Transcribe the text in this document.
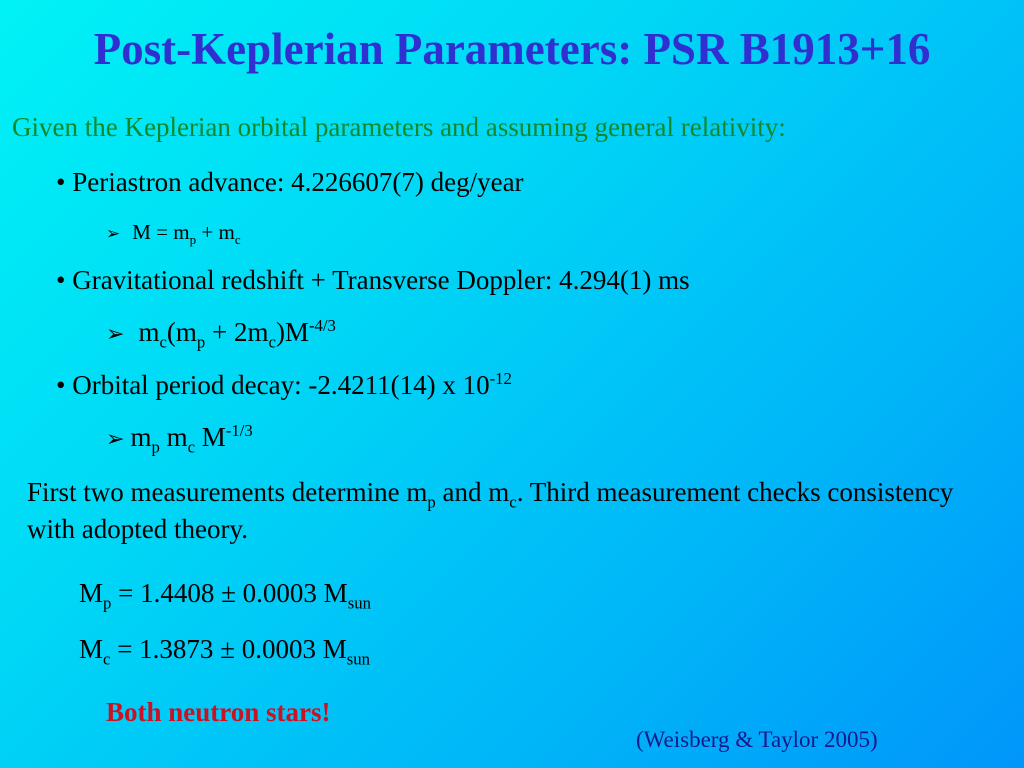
Post-Keplerian Parameters: PSR B1913+16
Given the Keplerian orbital parameters and assuming general relativity:
• Periastron advance: 4.226607(7) deg/year
➢ $M = m_p + m_c$
• Gravitational redshift + Transverse Doppler: 4.294(1) ms
➢ $m_c(m_p + 2m_c)M^{-4/3}$
• Orbital period decay: -2.4211(14) x $10^{-12}$
➢ $m_p$ $m_c$ $M^{-1/3}$
First two measurements determine $m_p$ and $m_c$. Third measurement checks consistency with adopted theory.
$M_p = 1.4408 \pm 0.0003$ $M_{sun}$
$M_c = 1.3873 \pm 0.0003$ $M_{sun}$
Both neutron stars!
(Weisberg & Taylor 2005)
